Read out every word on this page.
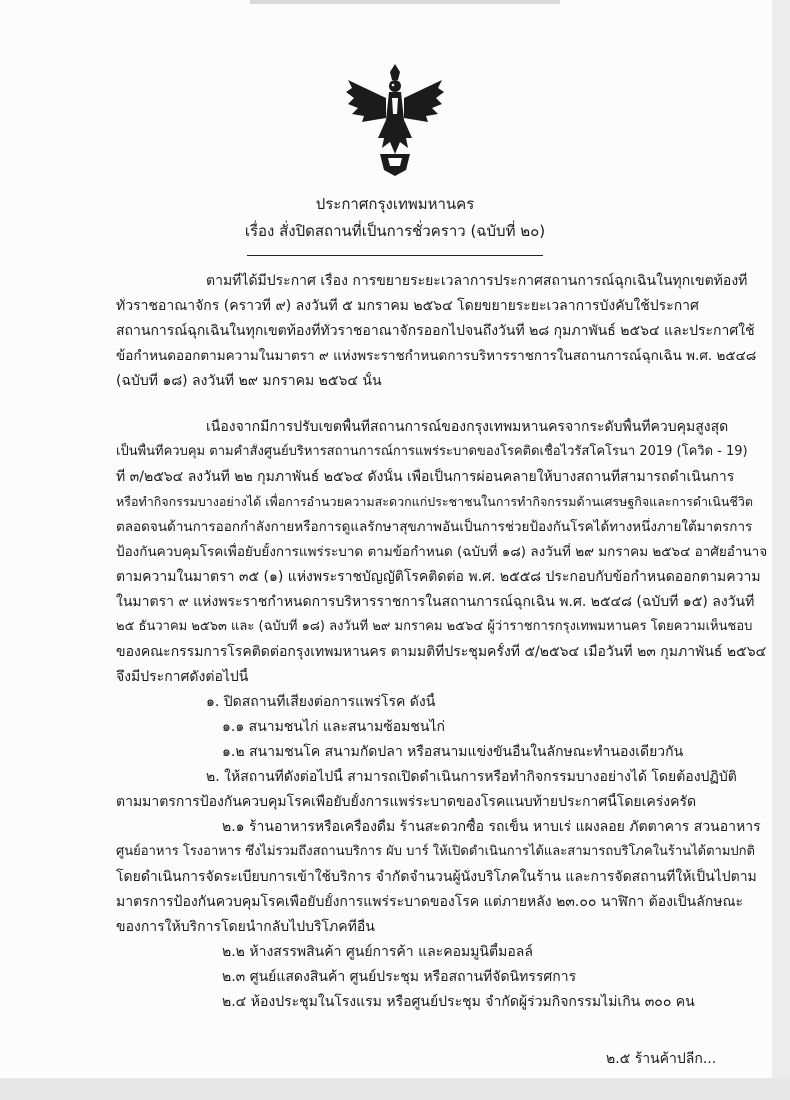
ประกาศกรุงเทพมหานคร
เรื่อง สั่งปิดสถานที่เป็นการชั่วคราว (ฉบับที่ ๒๐)
ตามที่ได้มีประกาศ เรื่อง การขยายระยะเวลาการประกาศสถานการณ์ฉุกเฉินในทุกเขตท้องที่
ทั่วราชอาณาจักร (คราวที่ ๙) ลงวันที่ ๕ มกราคม ๒๕๖๔ โดยขยายระยะเวลาการบังคับใช้ประกาศ
สถานการณ์ฉุกเฉินในทุกเขตท้องที่ทั่วราชอาณาจักรออกไปจนถึงวันที่ ๒๘ กุมภาพันธ์ ๒๕๖๔ และประกาศใช้
ข้อกำหนดออกตามความในมาตรา ๙ แห่งพระราชกำหนดการบริหารราชการในสถานการณ์ฉุกเฉิน พ.ศ. ๒๕๔๘
(ฉบับที่ ๑๘) ลงวันที่ ๒๙ มกราคม ๒๕๖๔ นั้น
เนื่องจากมีการปรับเขตพื้นที่สถานการณ์ของกรุงเทพมหานครจากระดับพื้นที่ควบคุมสูงสุด
เป็นพื้นที่ควบคุม ตามคำสั่งศูนย์บริหารสถานการณ์การแพร่ระบาดของโรคติดเชื้อไวรัสโคโรนา 2019 (โควิด - 19)
ที่ ๓/๒๕๖๔ ลงวันที่ ๒๒ กุมภาพันธ์ ๒๕๖๔ ดังนั้น เพื่อเป็นการผ่อนคลายให้บางสถานที่สามารถดำเนินการ
หรือทำกิจกรรมบางอย่างได้ เพื่อการอำนวยความสะดวกแก่ประชาชนในการทำกิจกรรมด้านเศรษฐกิจและการดำเนินชีวิต
ตลอดจนด้านการออกกำลังกายหรือการดูแลรักษาสุขภาพอันเป็นการช่วยป้องกันโรคได้ทางหนึ่งภายใต้มาตรการ
ป้องกันควบคุมโรคเพื่อยับยั้งการแพร่ระบาด ตามข้อกำหนด (ฉบับที่ ๑๘) ลงวันที่ ๒๙ มกราคม ๒๕๖๔ อาศัยอำนาจ
ตามความในมาตรา ๓๕ (๑) แห่งพระราชบัญญัติโรคติดต่อ พ.ศ. ๒๕๕๘ ประกอบกับข้อกำหนดออกตามความ
ในมาตรา ๙ แห่งพระราชกำหนดการบริหารราชการในสถานการณ์ฉุกเฉิน พ.ศ. ๒๕๔๘ (ฉบับที่ ๑๕) ลงวันที่
๒๕ ธันวาคม ๒๕๖๓ และ (ฉบับที่ ๑๘) ลงวันที่ ๒๙ มกราคม ๒๕๖๔ ผู้ว่าราชการกรุงเทพมหานคร โดยความเห็นชอบ
ของคณะกรรมการโรคติดต่อกรุงเทพมหานคร ตามมติที่ประชุมครั้งที่ ๕/๒๕๖๔ เมื่อวันที่ ๒๓ กุมภาพันธ์ ๒๕๖๔
จึงมีประกาศดังต่อไปนี้
๑. ปิดสถานที่เสี่ยงต่อการแพร่โรค ดังนี้
๑.๑ สนามชนไก่ และสนามซ้อมชนไก่
๑.๒ สนามชนโค สนามกัดปลา หรือสนามแข่งขันอื่นในลักษณะทำนองเดียวกัน
๒. ให้สถานที่ดังต่อไปนี้ สามารถเปิดดำเนินการหรือทำกิจกรรมบางอย่างได้ โดยต้องปฏิบัติ
ตามมาตรการป้องกันควบคุมโรคเพื่อยับยั้งการแพร่ระบาดของโรคแนบท้ายประกาศนี้โดยเคร่งครัด
๒.๑ ร้านอาหารหรือเครื่องดื่ม ร้านสะดวกซื้อ รถเข็น หาบเร่ แผงลอย ภัตตาคาร สวนอาหาร
ศูนย์อาหาร โรงอาหาร ซึ่งไม่รวมถึงสถานบริการ ผับ บาร์ ให้เปิดดำเนินการได้และสามารถบริโภคในร้านได้ตามปกติ
โดยดำเนินการจัดระเบียบการเข้าใช้บริการ จำกัดจำนวนผู้นั่งบริโภคในร้าน และการจัดสถานที่ให้เป็นไปตาม
มาตรการป้องกันควบคุมโรคเพื่อยับยั้งการแพร่ระบาดของโรค แต่ภายหลัง ๒๓.๐๐ นาฬิกา ต้องเป็นลักษณะ
ของการให้บริการโดยนำกลับไปบริโภคที่อื่น
๒.๒ ห้างสรรพสินค้า ศูนย์การค้า และคอมมูนิตี้มอลล์
๒.๓ ศูนย์แสดงสินค้า ศูนย์ประชุม หรือสถานที่จัดนิทรรศการ
๒.๔ ห้องประชุมในโรงแรม หรือศูนย์ประชุม จำกัดผู้ร่วมกิจกรรมไม่เกิน ๓๐๐ คน
๒.๕ ร้านค้าปลีก...
